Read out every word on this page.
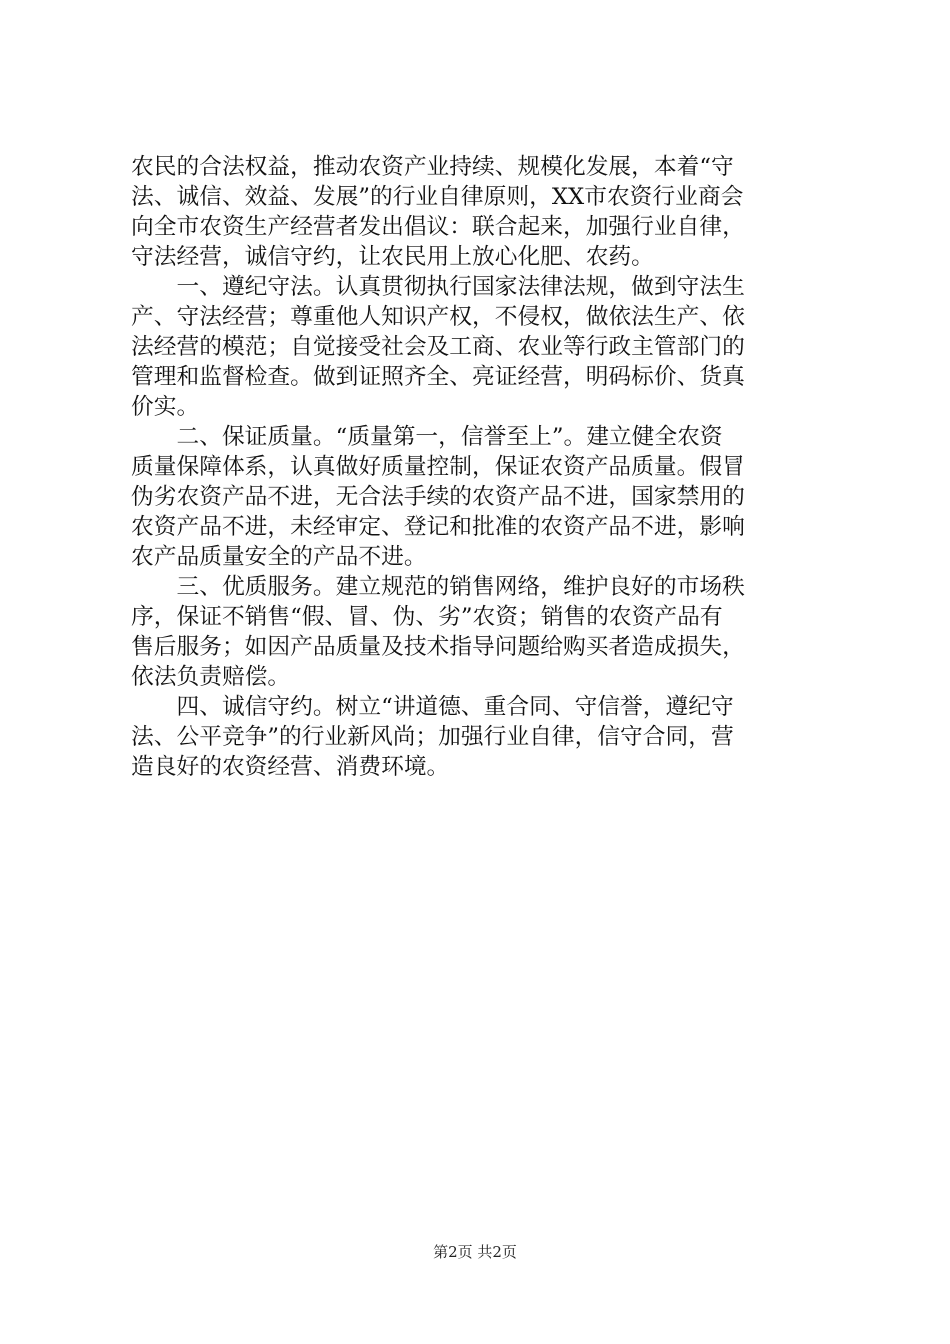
农民的合法权益，推动农资产业持续、规模化发展，本着“守
法、诚信、效益、发展”的行业自律原则，XX市农资行业商会
向全市农资生产经营者发出倡议：联合起来，加强行业自律，
守法经营，诚信守约，让农民用上放心化肥、农药。
　　一、遵纪守法。认真贯彻执行国家法律法规，做到守法生
产、守法经营；尊重他人知识产权，不侵权，做依法生产、依
法经营的模范；自觉接受社会及工商、农业等行政主管部门的
管理和监督检查。做到证照齐全、亮证经营，明码标价、货真
价实。
　　二、保证质量。“质量第一，信誉至上”。建立健全农资
质量保障体系，认真做好质量控制，保证农资产品质量。假冒
伪劣农资产品不进，无合法手续的农资产品不进，国家禁用的
农资产品不进，未经审定、登记和批准的农资产品不进，影响
农产品质量安全的产品不进。
　　三、优质服务。建立规范的销售网络，维护良好的市场秩
序，保证不销售“假、冒、伪、劣”农资；销售的农资产品有
售后服务；如因产品质量及技术指导问题给购买者造成损失，
依法负责赔偿。
　　四、诚信守约。树立“讲道德、重合同、守信誉，遵纪守
法、公平竞争”的行业新风尚；加强行业自律，信守合同，营
造良好的农资经营、消费环境。
第2页 共2页
